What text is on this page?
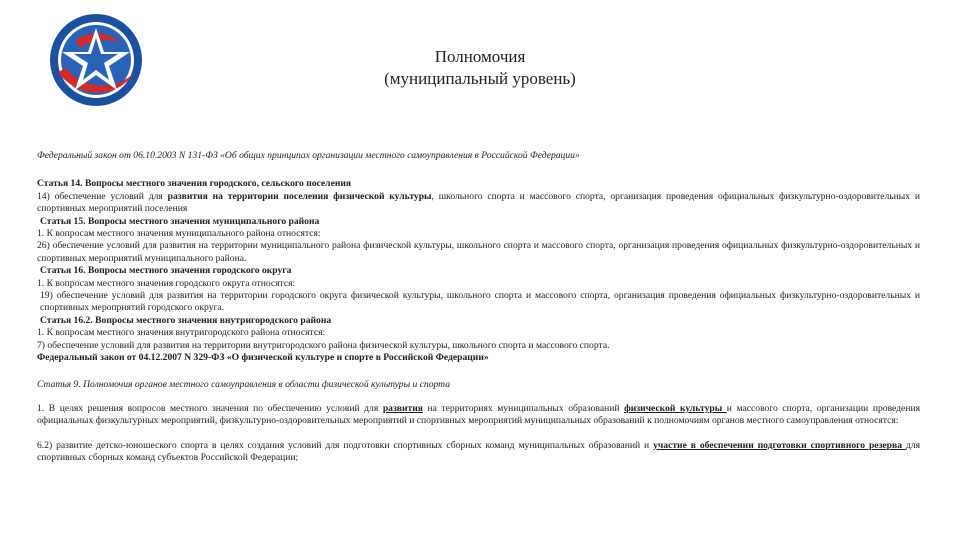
Полномочия
(муниципальный уровень)

Федеральный закон от 06.10.2003 N 131-ФЗ «Об общих принципах организации местного самоуправления в Российской Федерации»

Статья 14. Вопросы местного значения городского, сельского поселения

14) обеспечение условий для развития на территории поселения физической культуры, школьного спорта и массового спорта, организация проведения официальных физкультурно-оздоровительных и спортивных мероприятий поселения

Статья 15. Вопросы местного значения муниципального района

1. К вопросам местного значения муниципального района относятся:

26) обеспечение условий для развития на территории муниципального района физической культуры, школьного спорта и массового спорта, организация проведения официальных физкультурно-оздоровительных и спортивных мероприятий муниципального района.

Статья 16. Вопросы местного значения городского округа

1. К вопросам местного значения городского округа относятся:

19) обеспечение условий для развития на территории городского округа физической культуры, школьного спорта и массового спорта, организация проведения официальных физкультурно-оздоровительных и спортивных мероприятий городского округа.

Статья 16.2. Вопросы местного значения внутригородского района

1. К вопросам местного значения внутригородского района относятся:

7) обеспечение условий для развития на территории внутригородского района физической культуры, школьного спорта и массового спорта.

Федеральный закон от 04.12.2007 N 329-ФЗ «О физической культуре и спорте в Российской Федерации»

Статья 9. Полномочия органов местного самоуправления в области физической культуры и спорта

1. В целях решения вопросов местного значения по обеспечению условий для развития на территориях муниципальных образований физической культуры и массового спорта, организации проведения официальных физкультурных мероприятий, физкультурно-оздоровительных мероприятий и спортивных мероприятий муниципальных образований к полномочиям органов местного самоуправления относятся:

6.2) развитие детско-юношеского спорта в целях создания условий для подготовки спортивных сборных команд муниципальных образований и участие в обеспечении подготовки спортивного резерва для спортивных сборных команд субъектов Российской Федерации;
